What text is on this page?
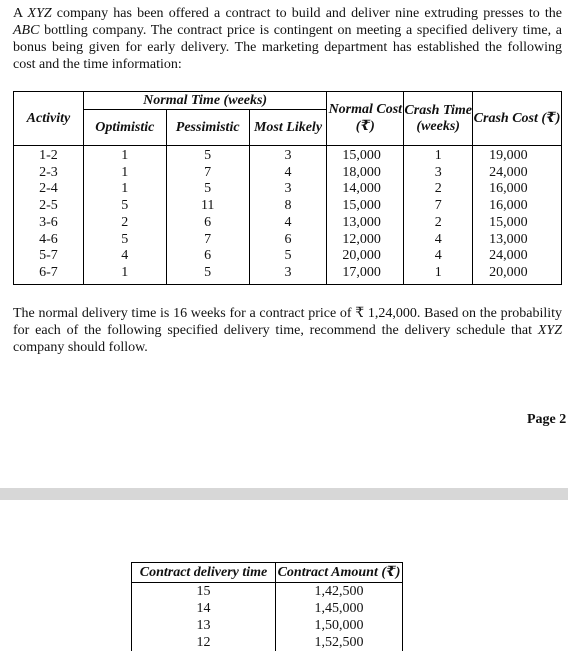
A XYZ company has been offered a contract to build and deliver nine extruding presses to the ABC bottling company. The contract price is contingent on meeting a specified delivery time, a bonus being given for early delivery. The marketing department has established the following cost and the time information:

Activity	Normal Time (weeks)			Normal Cost (₹)	Crash Time (weeks)	Crash Cost (₹)
	Optimistic	Pessimistic	Most Likely			
1-2	1	5	3	15,000	1	19,000
2-3	1	7	4	18,000	3	24,000
2-4	1	5	3	14,000	2	16,000
2-5	5	11	8	15,000	7	16,000
3-6	2	6	4	13,000	2	15,000
4-6	5	7	6	12,000	4	13,000
5-7	4	6	5	20,000	4	24,000
6-7	1	5	3	17,000	1	20,000

The normal delivery time is 16 weeks for a contract price of ₹ 1,24,000. Based on the probability for each of the following specified delivery time, recommend the delivery schedule that XYZ company should follow.

Page 2
Contract delivery time	Contract Amount (₹)
15	1,42,500
14	1,45,000
13	1,50,000
12	1,52,500
